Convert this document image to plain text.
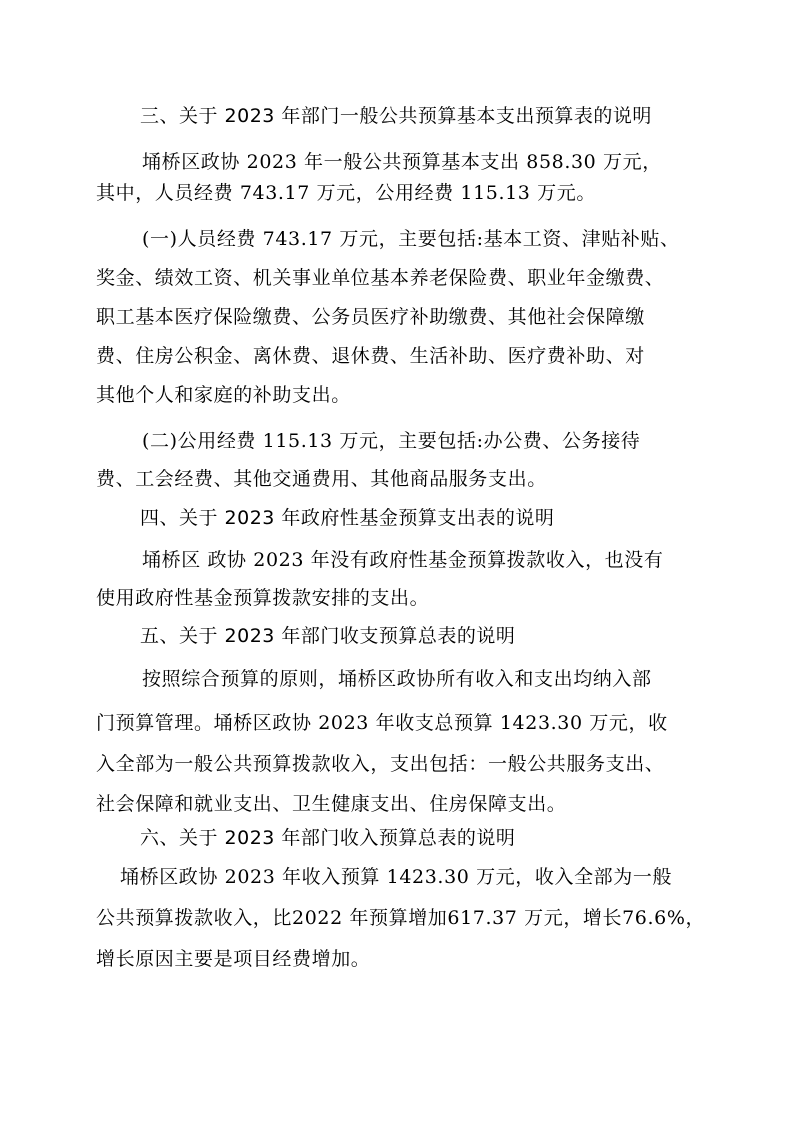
三、关于 2023 年部门一般公共预算基本支出预算表的说明
埇桥区政协 2023 年一般公共预算基本支出 858.30 万元，
其中，人员经费 743.17 万元，公用经费 115.13 万元。
(一)人员经费 743.17 万元，主要包括:基本工资、津贴补贴、
奖金、绩效工资、机关事业单位基本养老保险费、职业年金缴费、
职工基本医疗保险缴费、公务员医疗补助缴费、其他社会保障缴
费、住房公积金、离休费、退休费、生活补助、医疗费补助、对
其他个人和家庭的补助支出。
(二)公用经费 115.13 万元，主要包括:办公费、公务接待
费、工会经费、其他交通费用、其他商品服务支出。
四、关于 2023 年政府性基金预算支出表的说明
埇桥区 政协 2023 年没有政府性基金预算拨款收入，也没有
使用政府性基金预算拨款安排的支出。
五、关于 2023 年部门收支预算总表的说明
按照综合预算的原则，埇桥区政协所有收入和支出均纳入部
门预算管理。埇桥区政协 2023 年收支总预算 1423.30 万元，收
入全部为一般公共预算拨款收入，支出包括：一般公共服务支出、
社会保障和就业支出、卫生健康支出、住房保障支出。
六、关于 2023 年部门收入预算总表的说明
埇桥区政协 2023 年收入预算 1423.30 万元，收入全部为一般
公共预算拨款收入，比2022 年预算增加617.37 万元，增长76.6%，
增长原因主要是项目经费增加。
